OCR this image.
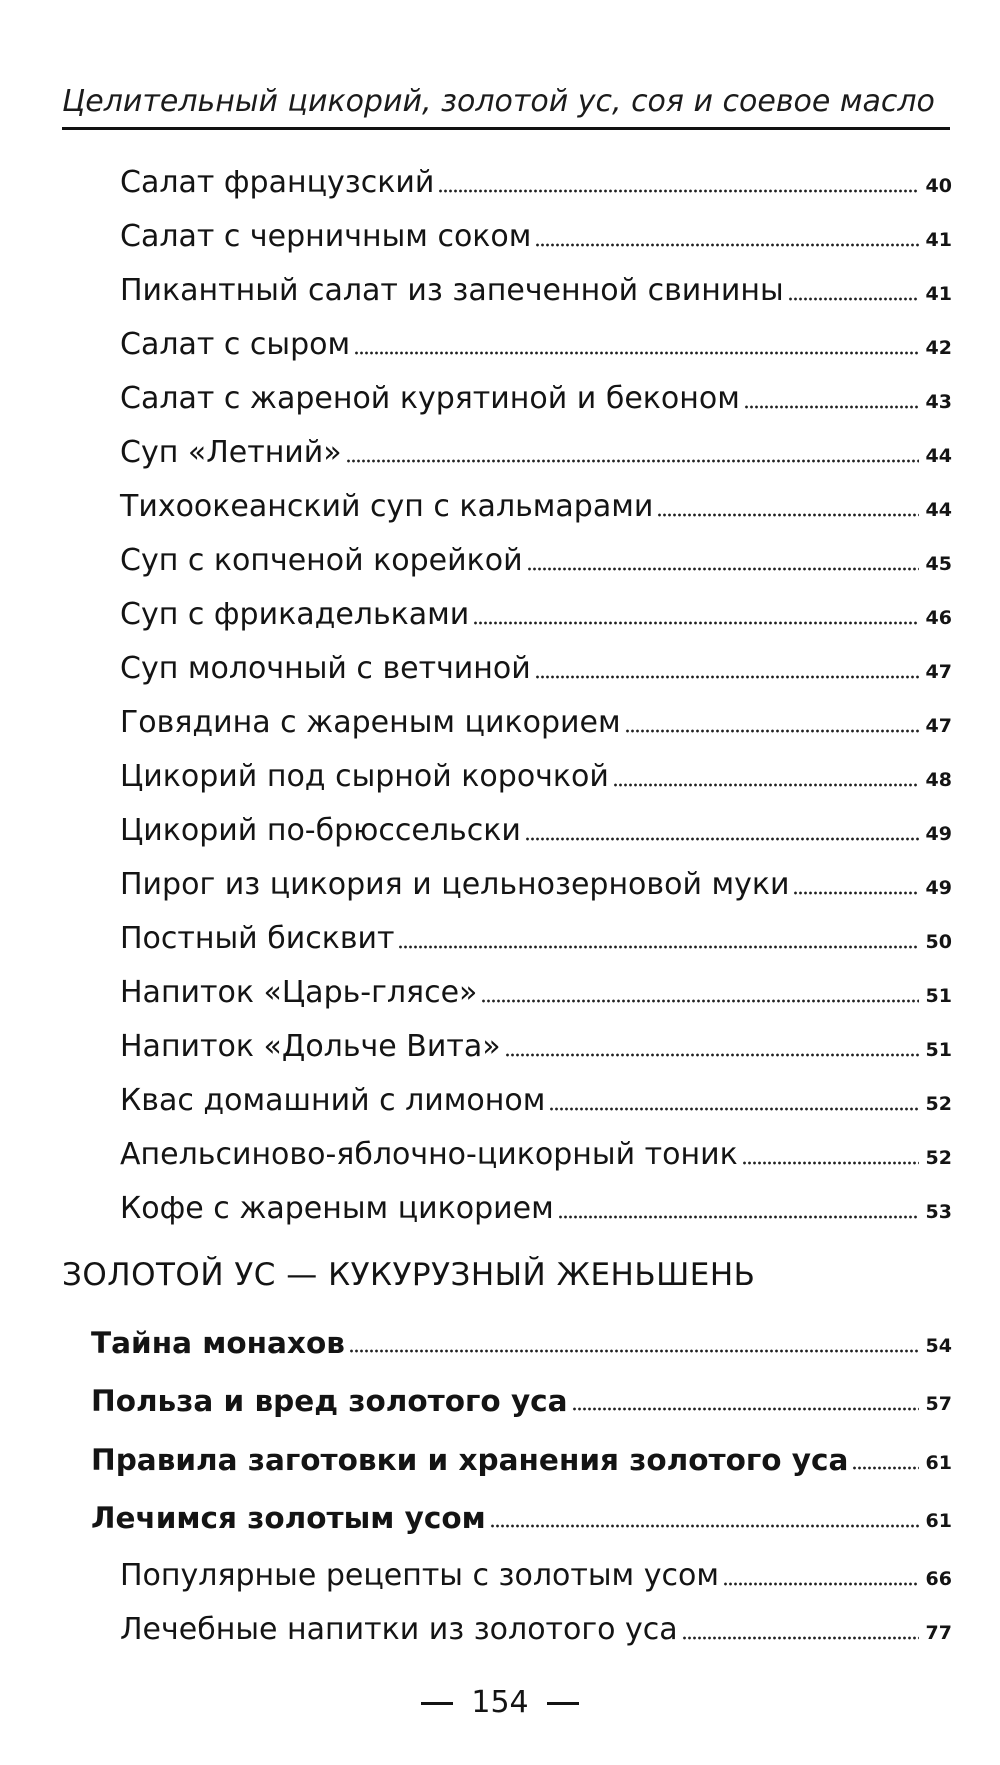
Целительный цикорий, золотой ус, соя и соевое масло
Салат французский	40
Салат с черничным соком	41
Пикантный салат из запеченной свинины	41
Салат с сыром	42
Салат с жареной курятиной и беконом	43
Суп «Летний»	44
Тихоокеанский суп с кальмарами	44
Суп с копченой корейкой	45
Суп с фрикадельками	46
Суп молочный с ветчиной	47
Говядина с жареным цикорием	47
Цикорий под сырной корочкой	48
Цикорий по-брюссельски	49
Пирог из цикория и цельнозерновой муки	49
Постный бисквит	50
Напиток «Царь-глясе»	51
Напиток «Дольче Вита»	51
Квас домашний с лимоном	52
Апельсиново-яблочно-цикорный тоник	52
Кофе с жареным цикорием	53
ЗОЛОТОЙ УС — КУКУРУЗНЫЙ ЖЕНЬШЕНЬ
Тайна монахов	54
Польза и вред золотого уса	57
Правила заготовки и хранения золотого уса	61
Лечимся золотым усом	61
Популярные рецепты с золотым усом	66
Лечебные напитки из золотого уса	77
154
